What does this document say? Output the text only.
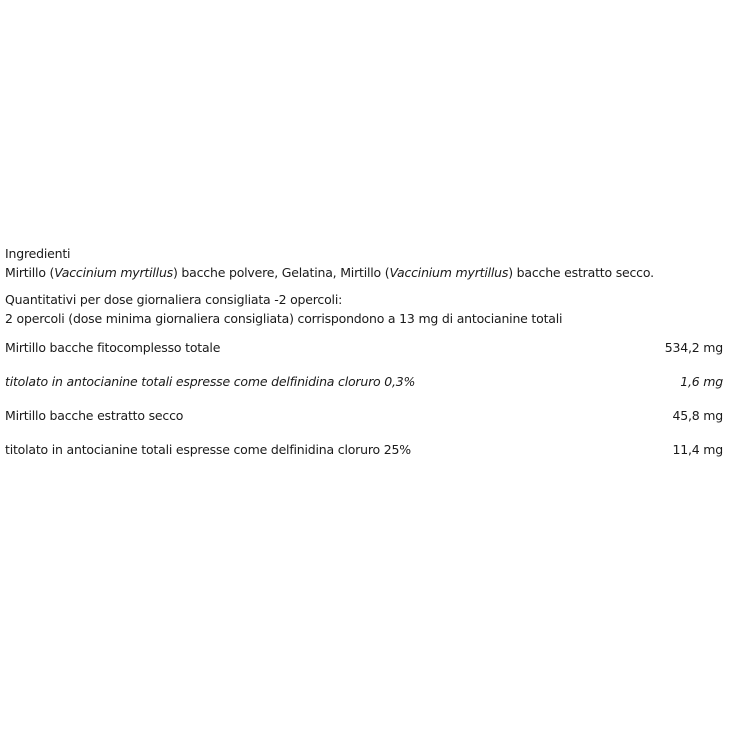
Ingredienti
Mirtillo (Vaccinium myrtillus) bacche polvere, Gelatina, Mirtillo (Vaccinium myrtillus) bacche estratto secco.
Quantitativi per dose giornaliera consigliata -2 opercoli:
2 opercoli (dose minima giornaliera consigliata) corrispondono a 13 mg di antocianine totali
Mirtillo bacche fitocomplesso totale	534,2 mg
titolato in antocianine totali espresse come delfinidina cloruro 0,3%	1,6 mg
Mirtillo bacche estratto secco	45,8 mg
titolato in antocianine totali espresse come delfinidina cloruro 25%	11,4 mg
